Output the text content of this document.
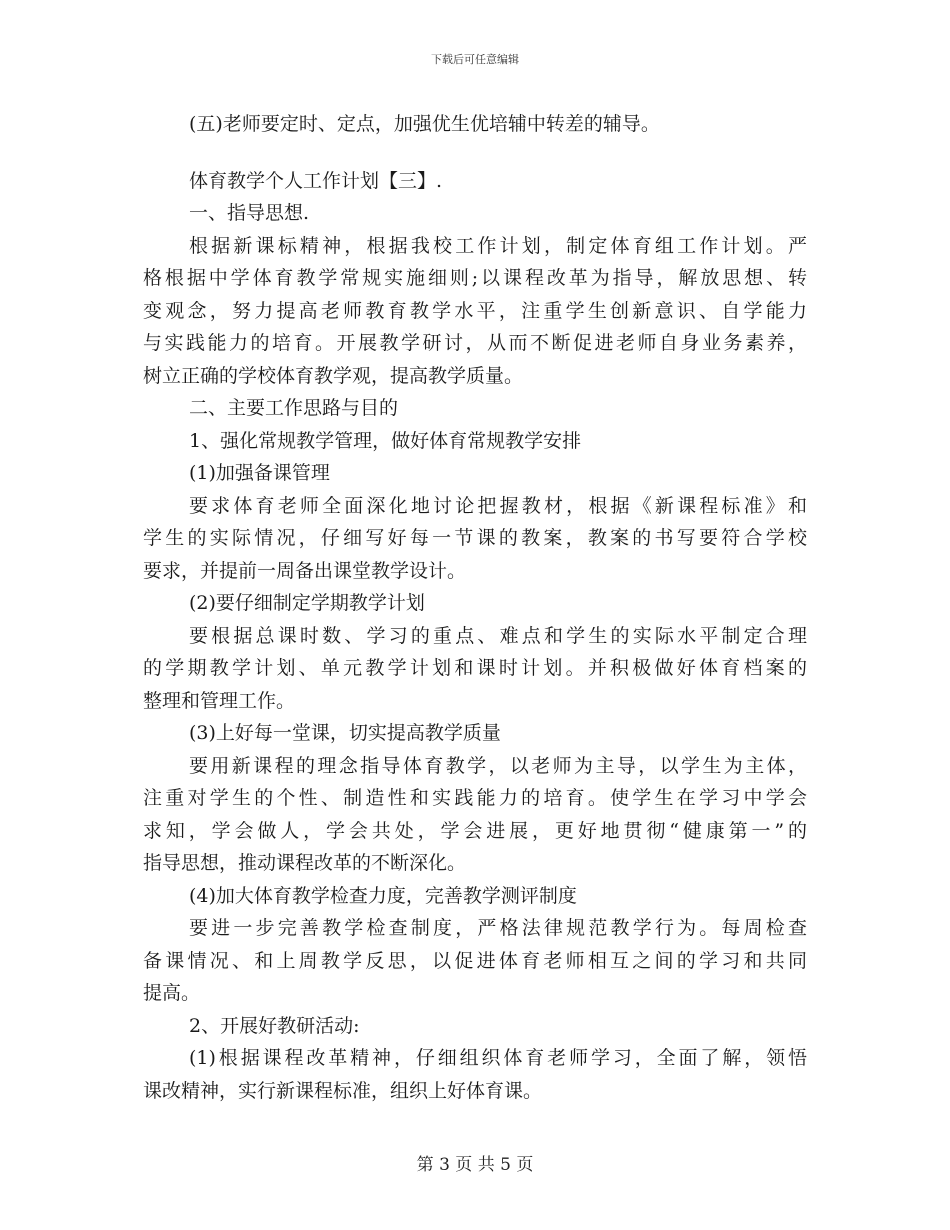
下载后可任意编辑
(五)老师要定时、定点，加强优生优培辅中转差的辅导。
体育教学个人工作计划【三】.
一、指导思想.
根据新课标精神，根据我校工作计划，制定体育组工作计划。严
格根据中学体育教学常规实施细则;以课程改革为指导，解放思想、转
变观念，努力提高老师教育教学水平，注重学生创新意识、自学能力
与实践能力的培育。开展教学研讨，从而不断促进老师自身业务素养，
树立正确的学校体育教学观，提高教学质量。
二、主要工作思路与目的
1、强化常规教学管理，做好体育常规教学安排
(1)加强备课管理
要求体育老师全面深化地讨论把握教材，根据《新课程标准》和
学生的实际情况，仔细写好每一节课的教案，教案的书写要符合学校
要求，并提前一周备出课堂教学设计。
(2)要仔细制定学期教学计划
要根据总课时数、学习的重点、难点和学生的实际水平制定合理
的学期教学计划、单元教学计划和课时计划。并积极做好体育档案的
整理和管理工作。
(3)上好每一堂课，切实提高教学质量
要用新课程的理念指导体育教学，以老师为主导，以学生为主体，
注重对学生的个性、制造性和实践能力的培育。使学生在学习中学会
求知，学会做人，学会共处，学会进展，更好地贯彻“健康第一”的
指导思想，推动课程改革的不断深化。
(4)加大体育教学检查力度，完善教学测评制度
要进一步完善教学检查制度，严格法律规范教学行为。每周检查
备课情况、和上周教学反思，以促进体育老师相互之间的学习和共同
提高。
2、开展好教研活动:
(1)根据课程改革精神，仔细组织体育老师学习，全面了解，领悟
课改精神，实行新课程标准，组织上好体育课。
第 3 页 共 5 页
